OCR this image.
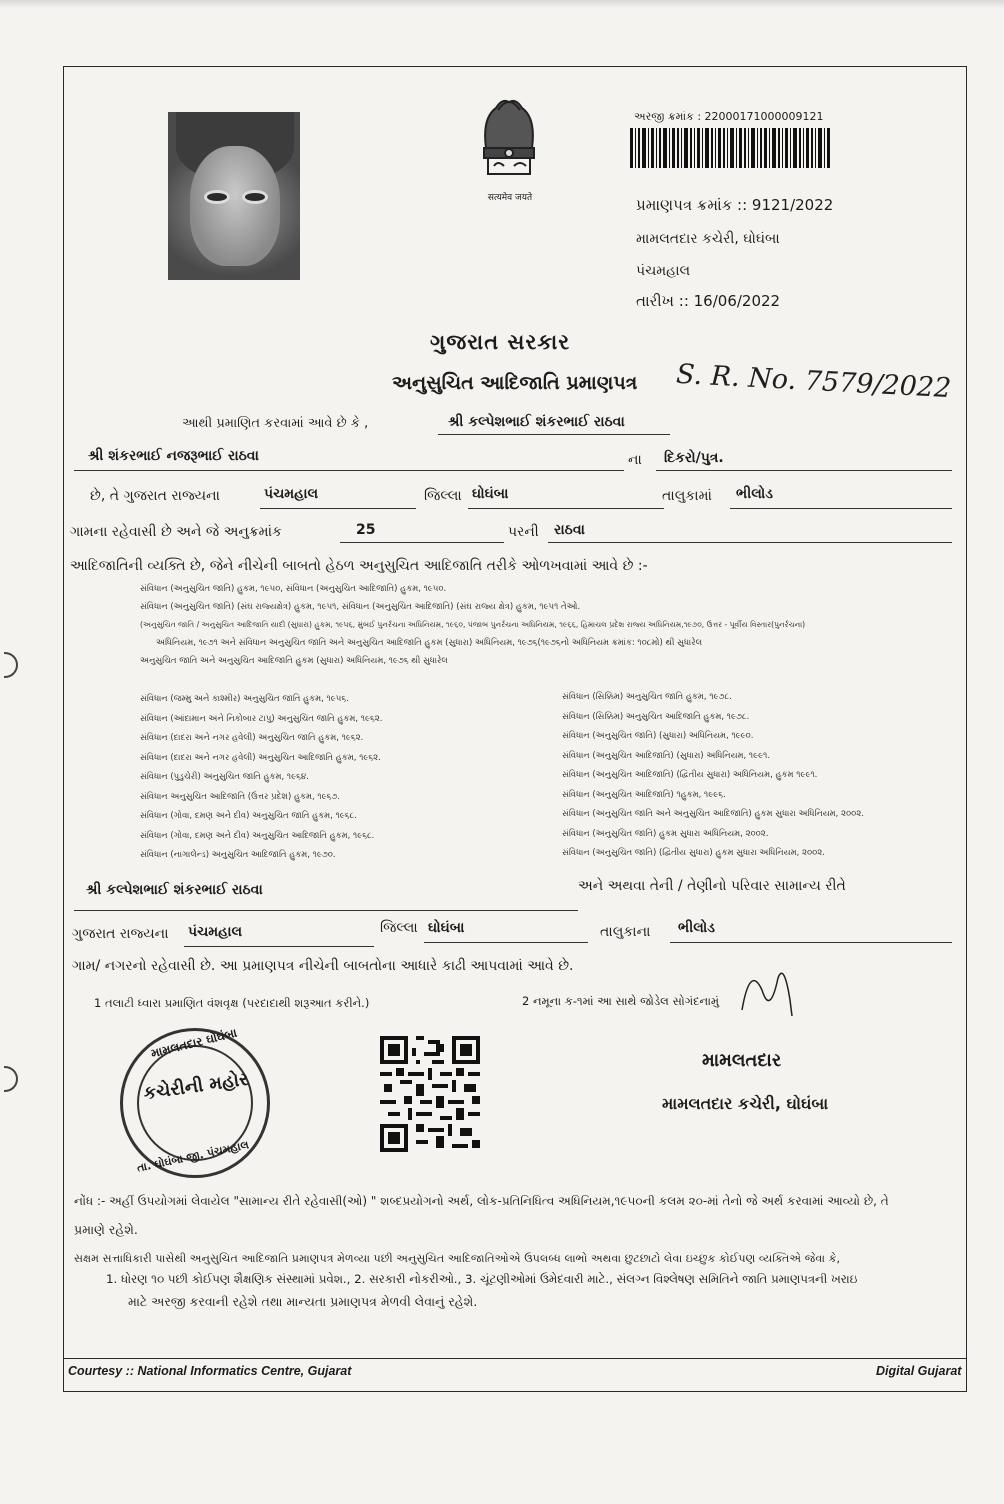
सत्यमेव जयते
અરજી ક્રમાંક : 22000171000009121
પ્રમાણપત્ર ક્રમાંક :: 9121/2022
મામલતદાર કચેરી, ઘોઘંબા
પંચમહાલ
તારીખ :: 16/06/2022
ગુજરાત સરકાર
અનુસુચિત આદિજાતિ પ્રમાણપત્ર S. R. No. 7579/2022
આથી પ્રમાણિત કરવામાં આવે છે કે ,	શ્રી કલ્પેશભાઈ શંકરભાઈ રાઠવા
શ્રી શંકરભાઈ નજરૂભાઈ રાઠવા	ના દિકરો/પુત્ર.
છે, તે ગુજરાત રાજ્યના	પંચમહાલ	જિલ્લા ઘોઘંબા	તાલુકામાં ભીલોડ
ગામના રહેવાસી છે અને જે અનુક્રમાંક	25	પરની રાઠવા
આદિજાતિની વ્યક્તિ છે, જેને નીચેની બાબતો હેઠળ અનુસુચિત આદિજાતિ તરીકે ઓળખવામાં આવે છે :-
સંવિધાન (અનુસુચિત જાતિ) હુકમ, ૧૯૫૦, સંવિધાન (અનુસુચિત આદિજાતિ) હુકમ, ૧૯૫૦.
સંવિધાન (અનુસુચિત જાતિ) (સંઘ રાજ્યક્ષેત્ર) હુકમ, ૧૯૫૧, સંવિધાન (અનુસુચિત આદિજાતિ) (સંઘ રાજ્ય ક્ષેત્ર) હુકમ, ૧૯૫૧ તેઓ.
(અનુસુચિત જાતિ / અનુસુચિત આદિજાતિ યાદી (સુધારા) હુકમ, ૧૯૫૬, મુંબઈ પુનર્રચના અધિનિયમ, ૧૯૬૦, પંજાબ પુનર્રચના અધિનિયમ, ૧૯૬૬, હિમાચલ પ્રદેશ રાજ્ય અધિનિયમ,૧૯૭૦, ઉત્તર - પૂર્વીય વિસ્તાર(પુનર્રચના)
અધિનિયમ, ૧૯૭૧ અને સંવિધાન અનુસુચિત જાતિ અને અનુસુચિત આદિજાતિ હુકમ (સુધારા) અધિનિયમ, ૧૯૭૬(૧૯૭૬નો અધિનિયમ ક્રમાંક: ૧૦૮મો) થી સુધારેલ
અનુસુચિત જાતિ અને અનુસુચિત આદિજાતિ હુકમ (સુધારા) અધિનિયમ, ૧૯૭૬ થી સુધારેલ
સંવિધાન (જમ્મુ અને કાશ્મીર) અનુસુચિત જાતિ હુકમ, ૧૯૫૬.
સંવિધાન (આંદામાન અને નિકોબાર ટાપુ) અનુસુચિત જાતિ હુકમ, ૧૯૬૨.
સંવિધાન (દાદરા અને નગર હવેલી) અનુસુચિત જાતિ હુકમ, ૧૯૬૨.
સંવિધાન (દાદરા અને નગર હવેલી) અનુસુચિત આદિજાતિ હુકમ, ૧૯૬૨.
સંવિધાન (પુડુચેરી) અનુસુચિત જાતિ હુકમ, ૧૯૬૪.
સંવિધાન અનુસુચિત આદિજાતિ (ઉત્તર પ્રદેશ) હુકમ, ૧૯૬૭.
સંવિધાન (ગોવા, દમણ અને દીવ) અનુસુચિત જાતિ હુકમ, ૧૯૬૮.
સંવિધાન (ગોવા, દમણ અને દીવ) અનુસુચિત આદિજાતિ હુકમ, ૧૯૬૮.
સંવિધાન (નાગાલેન્ડ) અનુસુચિત આદિજાતિ હુકમ, ૧૯૭૦.
સંવિધાન (સિક્કિમ) અનુસુચિત જાતિ હુકમ, ૧૯૭૮.
સંવિધાન (સિક્કિમ) અનુસુચિત આદિજાતિ હુકમ, ૧૯૭૮.
સંવિધાન (અનુસુચિત જાતિ) (સુધારા) અધિનિયમ, ૧૯૯૦.
સંવિધાન (અનુસુચિત આદિજાતિ) (સુધારા) અધિનિયમ, ૧૯૯૧.
સંવિધાન (અનુસુચિત આદિજાતિ) (દ્વિતીય સુધારા) અધિનિયમ, હુકમ ૧૯૯૧.
સંવિધાન (અનુસુચિત આદિજાતિ) ૧હુકમ, ૧૯૯૬.
સંવિધાન (અનુસુચિત જાતિ અને અનુસુચિત આદિજાતિ) હુકમ સુધારા અધિનિયમ, ૨૦૦૨.
સંવિધાન (અનુસુચિત જાતિ) હુકમ સુધારા અધિનિયમ, ૨૦૦૨.
સંવિધાન (અનુસુચિત જાતિ) (દ્વિતીય સુધારા) હુકમ સુધારા અધિનિયમ, ૨૦૦૨.
શ્રી કલ્પેશભાઈ શંકરભાઈ રાઠવા	અને અથવા તેની / તેણીનો પરિવાર સામાન્ય રીતે
ગુજરાત રાજ્યના પંચમહાલ	જિલ્લા ઘોઘંબા	તાલુકાના ભીલોડ
ગામ/ નગરનો રહેવાસી છે. આ પ્રમાણપત્ર નીચેની બાબતોના આધારે કાઢી આપવામાં આવે છે.
1 તલાટી ધ્વારા પ્રમાણિત વંશવૃક્ષ (પરદાદાથી શરૂઆત કરીને.)	2 નમૂના ક-૧માં આ સાથે જોડેલ સોગંદનામું
મામલતદાર ઘોઘંબા
કચેરીની મહોર
તા. ઘોઘંબા જી. પંચમહાલ
મામલતદાર
મામલતદાર કચેરી, ઘોઘંબા
નોંધ :- અહીં ઉપયોગમાં લેવાયેલ "સામાન્ય રીતે રહેવાસી(ઓ) " શબ્દપ્રયોગનો અર્થ, લોક-પ્રતિનિધિત્વ અધિનિયમ,૧૯૫૦ની કલમ ૨૦-માં તેનો જે અર્થ કરવામાં આવ્યો છે, તે
પ્રમાણે રહેશે.
સક્ષમ સત્તાધિકારી પાસેથી અનુસુચિત આદિજાતિ પ્રમાણપત્ર મેળવ્યા પછી અનુસુચિત આદિજાતિઓએ ઉપલબ્ધ લાભો અથવા છુટછાટો લેવા ઇચ્છુક કોઈપણ વ્યક્તિએ જેવા કે,
1. ધોરણ ૧૦ પછી કોઈપણ શૈક્ષણિક સંસ્થામાં પ્રવેશ., 2. સરકારી નોકરીઓ., 3. ચૂંટણીઓમાં ઉમેદવારી માટે., સંલગ્ન વિશ્લેષણ સમિતિને જાતિ પ્રમાણપત્રની ખરાઇ
માટે અરજી કરવાની રહેશે તથા માન્યતા પ્રમાણપત્ર મેળવી લેવાનું રહેશે.
Courtesy :: National Informatics Centre, Gujarat	Digital Gujarat
